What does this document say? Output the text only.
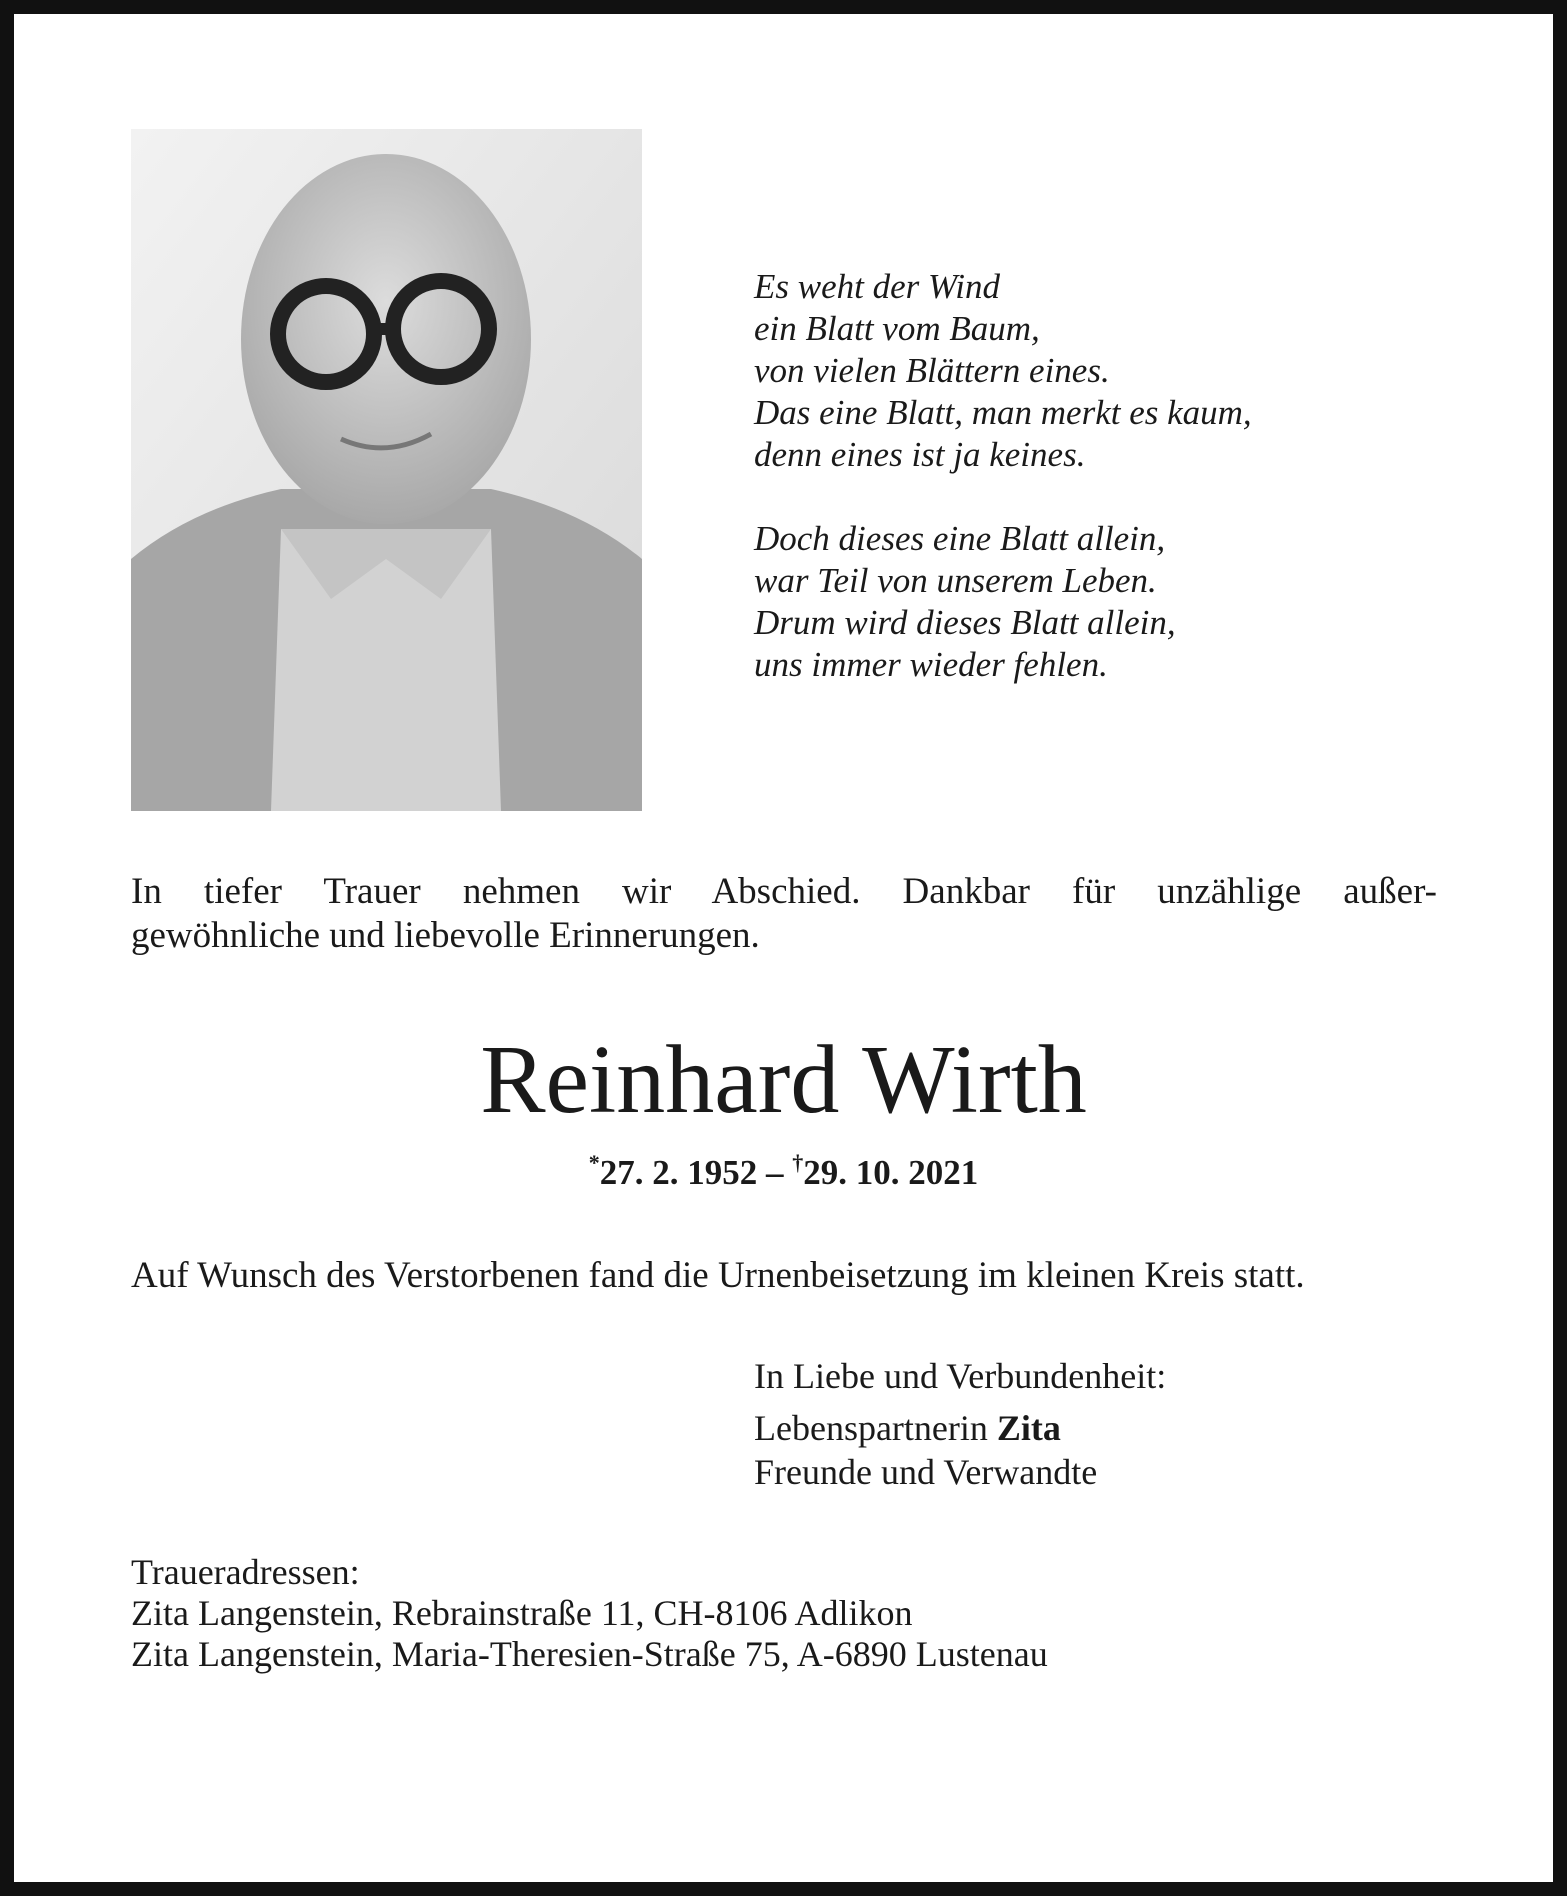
Es weht der Wind
ein Blatt vom Baum,
von vielen Blättern eines.
Das eine Blatt, man merkt es kaum,
denn eines ist ja keines.
Doch dieses eine Blatt allein,
war Teil von unserem Leben.
Drum wird dieses Blatt allein,
uns immer wieder fehlen.
In tiefer Trauer nehmen wir Abschied. Dankbar für unzählige außer-
gewöhnliche und liebevolle Erinnerungen.
Reinhard Wirth
*27. 2. 1952 – †29. 10. 2021
Auf Wunsch des Verstorbenen fand die Urnenbeisetzung im kleinen Kreis statt.
In Liebe und Verbundenheit:
Lebenspartnerin Zita
Freunde und Verwandte
Traueradressen:
Zita Langenstein, Rebrainstraße 11, CH-8106 Adlikon
Zita Langenstein, Maria-Theresien-Straße 75, A-6890 Lustenau
